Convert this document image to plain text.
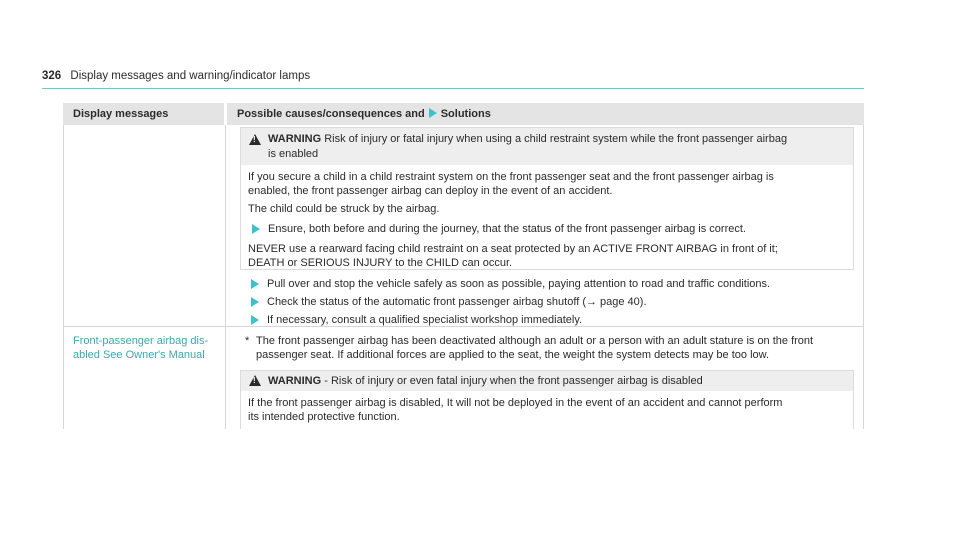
326 Display messages and warning/indicator lamps
Display messages	Possible causes/consequences and Solutions
!
WARNING Risk of injury or fatal injury when using a child restraint system while the front passenger airbag
is enabled
If you secure a child in a child restraint system on the front passenger seat and the front passenger airbag is
enabled, the front passenger airbag can deploy in the event of an accident.
The child could be struck by the airbag.
Ensure, both before and during the journey, that the status of the front passenger airbag is correct.
NEVER use a rearward facing child restraint on a seat protected by an ACTIVE FRONT AIRBAG in front of it;
DEATH or SERIOUS INJURY to the CHILD can occur.
Pull over and stop the vehicle safely as soon as possible, paying attention to road and traffic conditions.
Check the status of the automatic front passenger airbag shutoff (→ page 40).
If necessary, consult a qualified specialist workshop immediately.
Front-passenger airbag dis-
abled See Owner's Manual
* The front passenger airbag has been deactivated although an adult or a person with an adult stature is on the front
passenger seat. If additional forces are applied to the seat, the weight the system detects may be too low.
!
WARNING - Risk of injury or even fatal injury when the front passenger airbag is disabled
If the front passenger airbag is disabled, It will not be deployed in the event of an accident and cannot perform
its intended protective function.
